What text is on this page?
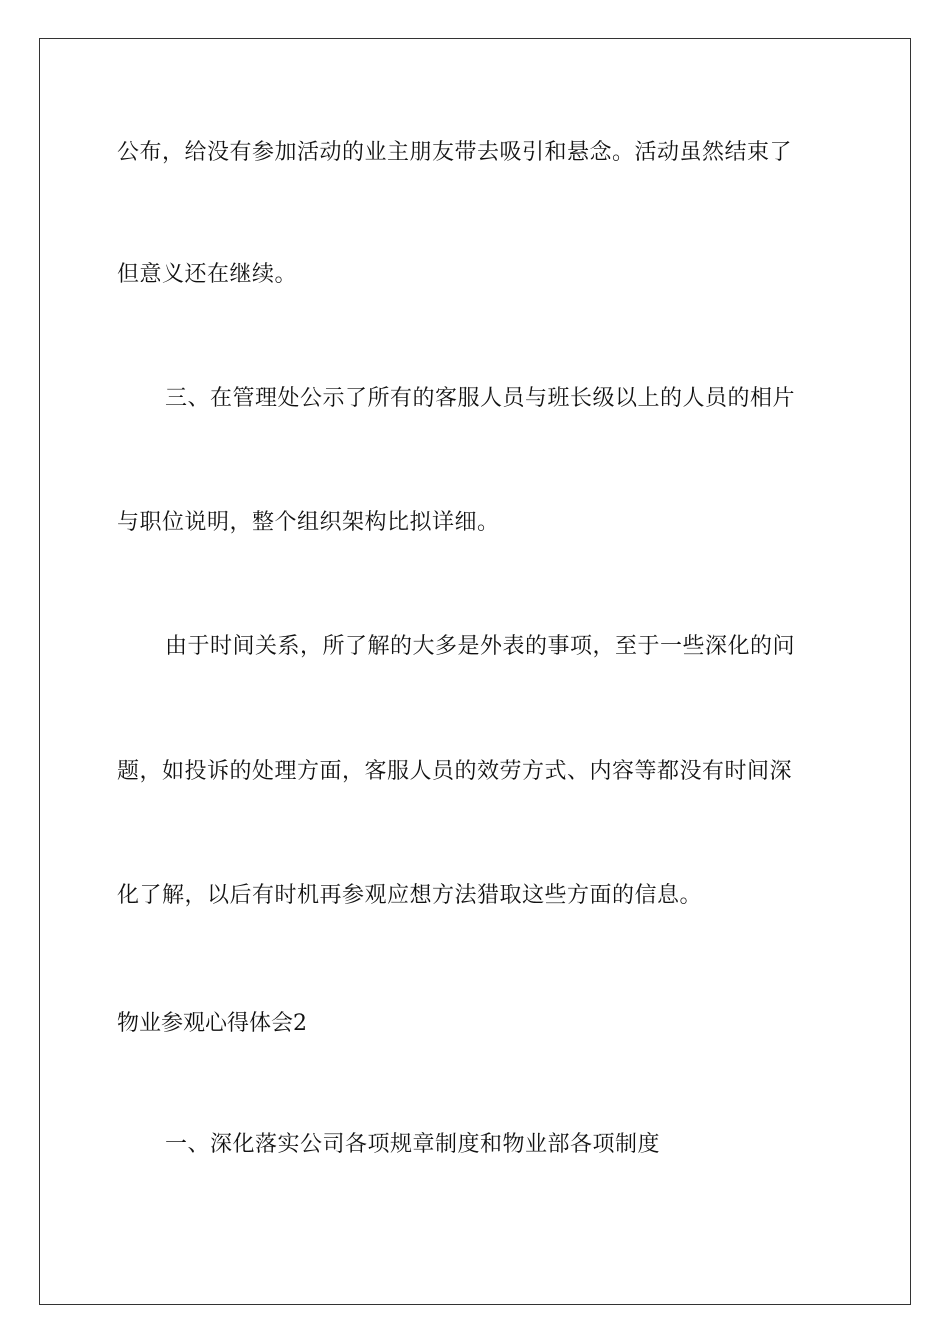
公布，给没有参加活动的业主朋友带去吸引和悬念。活动虽然结束了
但意义还在继续。
三、在管理处公示了所有的客服人员与班长级以上的人员的相片
与职位说明，整个组织架构比拟详细。
由于时间关系，所了解的大多是外表的事项，至于一些深化的问
题，如投诉的处理方面，客服人员的效劳方式、内容等都没有时间深
化了解，以后有时机再参观应想方法猎取这些方面的信息。
物业参观心得体会2
一、深化落实公司各项规章制度和物业部各项制度
